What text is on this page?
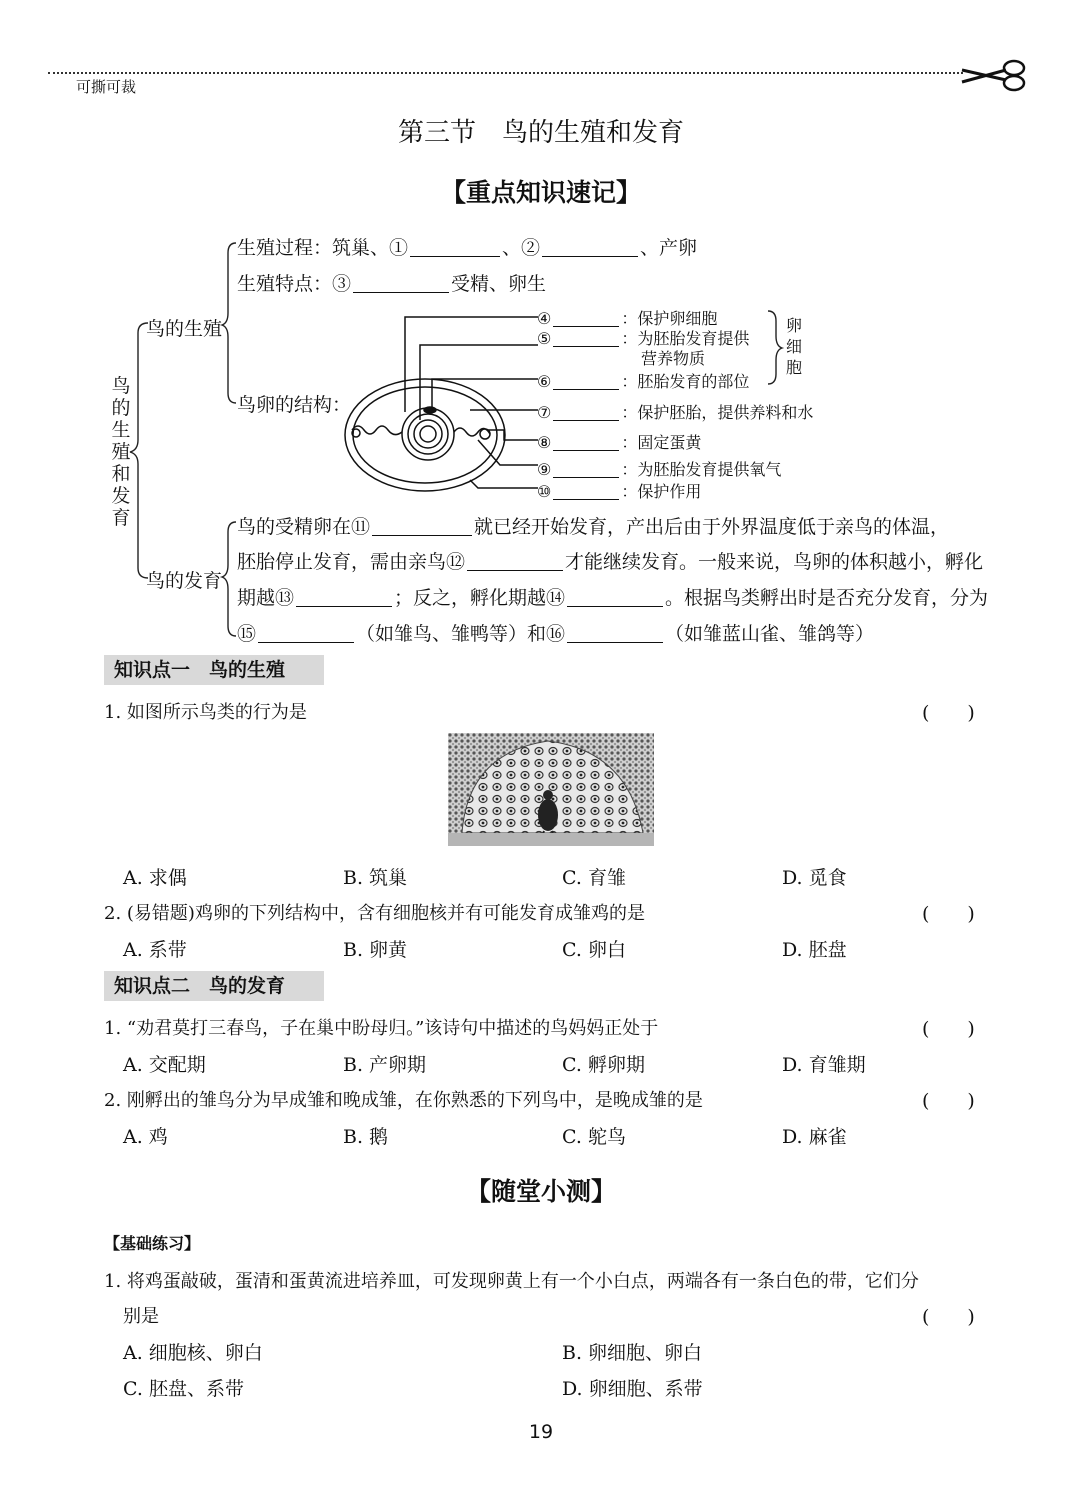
可撕可裁
第三节　鸟的生殖和发育
【重点知识速记】
鸟的生殖和发育
鸟的生殖
鸟的发育
生殖过程：筑巢、①	、②	、产卵
生殖特点：③	受精、卵生
鸟卵的结构：
④	：保护卵细胞
⑤	：为胚胎发育提供
营养物质
⑥	：胚胎发育的部位
⑦	：保护胚胎，提供养料和水
⑧	：固定蛋黄
⑨	：为胚胎发育提供氧气
⑩	：保护作用
卵细胞
鸟的受精卵在⑪	就已经开始发育，产出后由于外界温度低于亲鸟的体温，
胚胎停止发育，需由亲鸟⑫	才能继续发育。一般来说，鸟卵的体积越小，孵化
期越⑬	；反之，孵化期越⑭	。根据鸟类孵出时是否充分发育，分为
⑮	（如雏鸟、雏鸭等）和⑯	（如雏蓝山雀、雏鸽等）
知识点一　鸟的生殖
1. 如图所示鸟类的行为是	(　　)
A. 求偶	B. 筑巢	C. 育雏	D. 觅食
2. (易错题)鸡卵的下列结构中，含有细胞核并有可能发育成雏鸡的是	(　　)
A. 系带	B. 卵黄	C. 卵白	D. 胚盘
知识点二　鸟的发育
1. “劝君莫打三春鸟，子在巢中盼母归。”该诗句中描述的鸟妈妈正处于	(　　)
A. 交配期	B. 产卵期	C. 孵卵期	D. 育雏期
2. 刚孵出的雏鸟分为早成雏和晚成雏，在你熟悉的下列鸟中，是晚成雏的是	(　　)
A. 鸡	B. 鹅	C. 鸵鸟	D. 麻雀
【随堂小测】
【基础练习】
1. 将鸡蛋敲破，蛋清和蛋黄流进培养皿，可发现卵黄上有一个小白点，两端各有一条白色的带，它们分
别是	(　　)
A. 细胞核、卵白	B. 卵细胞、卵白
C. 胚盘、系带	D. 卵细胞、系带
19
